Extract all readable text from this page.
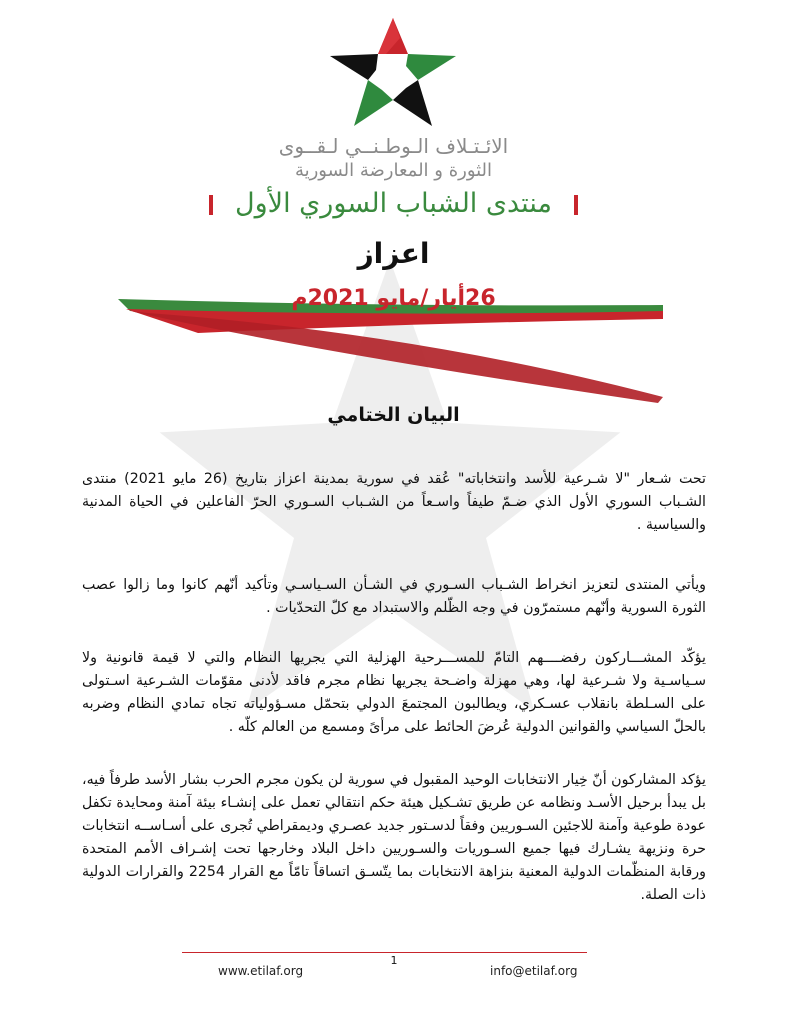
الائـتـلاف الـوطـنــي لـقــوى
الثورة و المعارضة السورية
منتدى الشباب السوري الأول
اعزاز
26أيار/مايو 2021م
البيان الختامي
تحت شـعار "لا شـرعية للأسد وانتخاباته" عُقد في سورية بمدينة اعزاز بتاريخ (26 مايو 2021) منتدى الشـباب السوري الأول الذي ضـمّ طيفاً واسـعاً من الشـباب السـوري الحرّ الفاعلين في الحياة المدنية والسياسية .
ويأتي المنتدى لتعزيز انخراط الشـباب السـوري في الشـأن السـياسـي وتأكيد أنّهم كانوا وما زالوا عصب الثورة السورية وأنّهم مستمرّون في وجه الظّلم والاستبداد مع كلّ التحدّيات .
يؤكّد المشـــاركون رفضــــهم التامّ للمســـرحية الهزلية التي يجريها النظام والتي لا قيمة قانونية ولا سـياسـية ولا شـرعية لها، وهي مهزلة واضـحة يجريها نظام مجرم فاقد لأدنى مقوّمات الشـرعية اسـتولى على السـلطة بانقلاب عسـكري، ويطالبون المجتمعَ الدولي بتحمّل مسـؤولياته تجاه تمادي النظام وضربه بالحلّ السياسي والقوانين الدولية عُرضَ الحائط على مرأىً ومسمع من العالم كلّه .
يؤكد المشاركون أنّ خِيار الانتخابات الوحيد المقبول في سورية لن يكون مجرم الحرب بشار الأسد طرفاً فيه، بل يبدأ برحيل الأسـد ونظامه عن طريق تشـكيل هيئة حكم انتقالي تعمل على إنشـاء بيئة آمنة ومحايدة تكفل عودة طوعية وآمنة للاجئين السـوريين وفقاً لدسـتور جديد عصـري وديمقراطي تُجرى على أسـاســه انتخابات حرة ونزيهة يشـارك فيها جميع السـوريات والسـوريين داخل البلاد وخارجها تحت إشـراف الأمم المتحدة ورقابة المنظّمات الدولية المعنية بنزاهة الانتخابات بما يتّسـق اتساقاً تامّاً مع القرار 2254 والقرارات الدولية ذات الصلة.
1
www.etilaf.org	info@etilaf.org
